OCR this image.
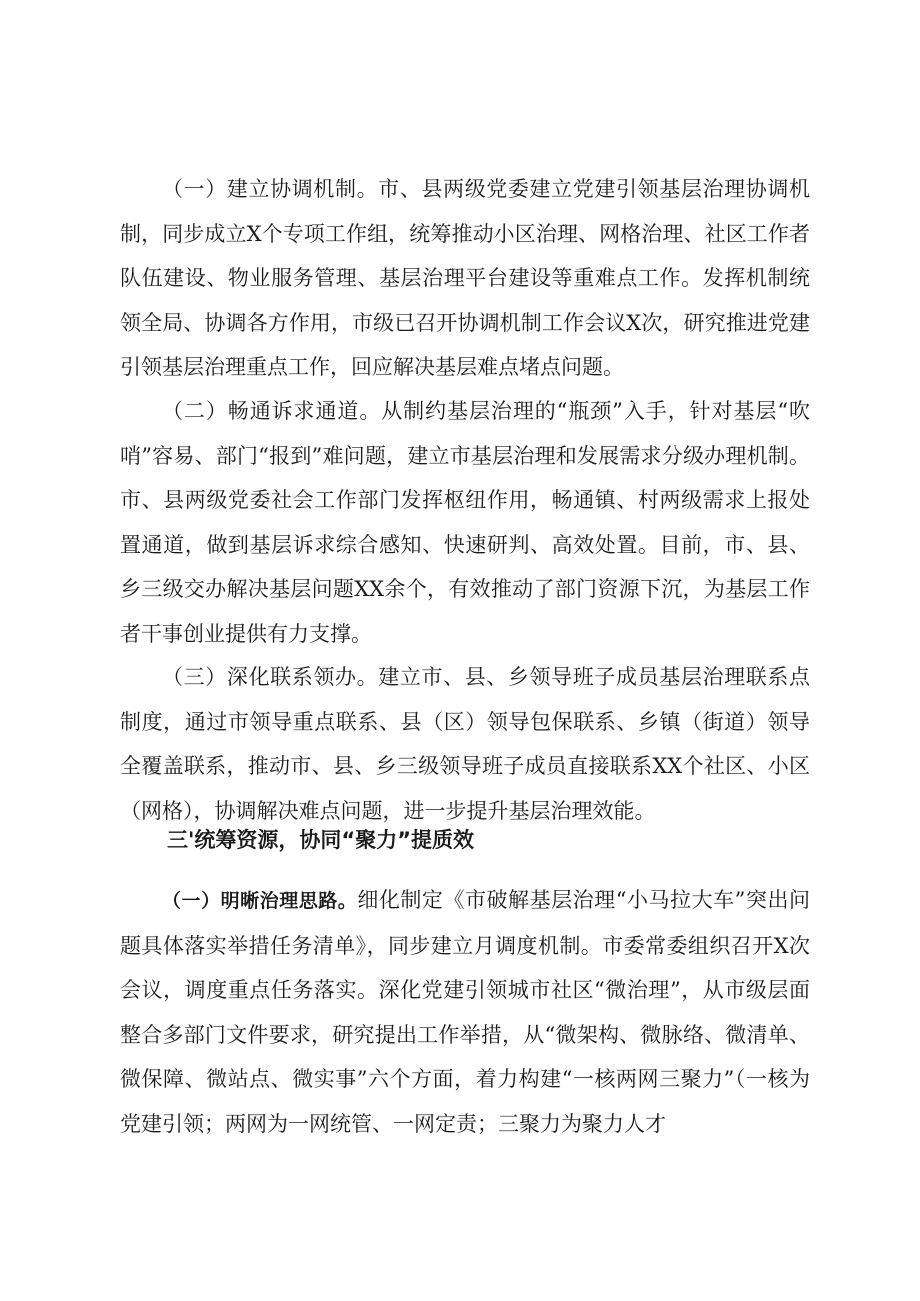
（一）建立协调机制。市、县两级党委建立党建引领基层治理协调机制，同步成立X个专项工作组，统筹推动小区治理、网格治理、社区工作者队伍建设、物业服务管理、基层治理平台建设等重难点工作。发挥机制统领全局、协调各方作用，市级已召开协调机制工作会议X次，研究推进党建引领基层治理重点工作，回应解决基层难点堵点问题。

（二）畅通诉求通道。从制约基层治理的“瓶颈”入手，针对基层“吹哨”容易、部门“报到”难问题，建立市基层治理和发展需求分级办理机制。市、县两级党委社会工作部门发挥枢纽作用，畅通镇、村两级需求上报处置通道，做到基层诉求综合感知、快速研判、高效处置。目前，市、县、乡三级交办解决基层问题XX余个，有效推动了部门资源下沉，为基层工作者干事创业提供有力支撑。

（三）深化联系领办。建立市、县、乡领导班子成员基层治理联系点制度，通过市领导重点联系、县（区）领导包保联系、乡镇（街道）领导全覆盖联系，推动市、县、乡三级领导班子成员直接联系XX个社区、小区（网格），协调解决难点问题，进一步提升基层治理效能。

三'统筹资源，协同“聚力”提质效

（一）明晰治理思路。细化制定《市破解基层治理“小马拉大车”突出问题具体落实举措任务清单》，同步建立月调度机制。市委常委组织召开X次会议，调度重点任务落实。深化党建引领城市社区“微治理”，从市级层面整合多部门文件要求，研究提出工作举措，从“微架构、微脉络、微清单、微保障、微站点、微实事”六个方面，着力构建“一核两网三聚力”（一核为党建引领；两网为一网统管、一网定责；三聚力为聚力人才
